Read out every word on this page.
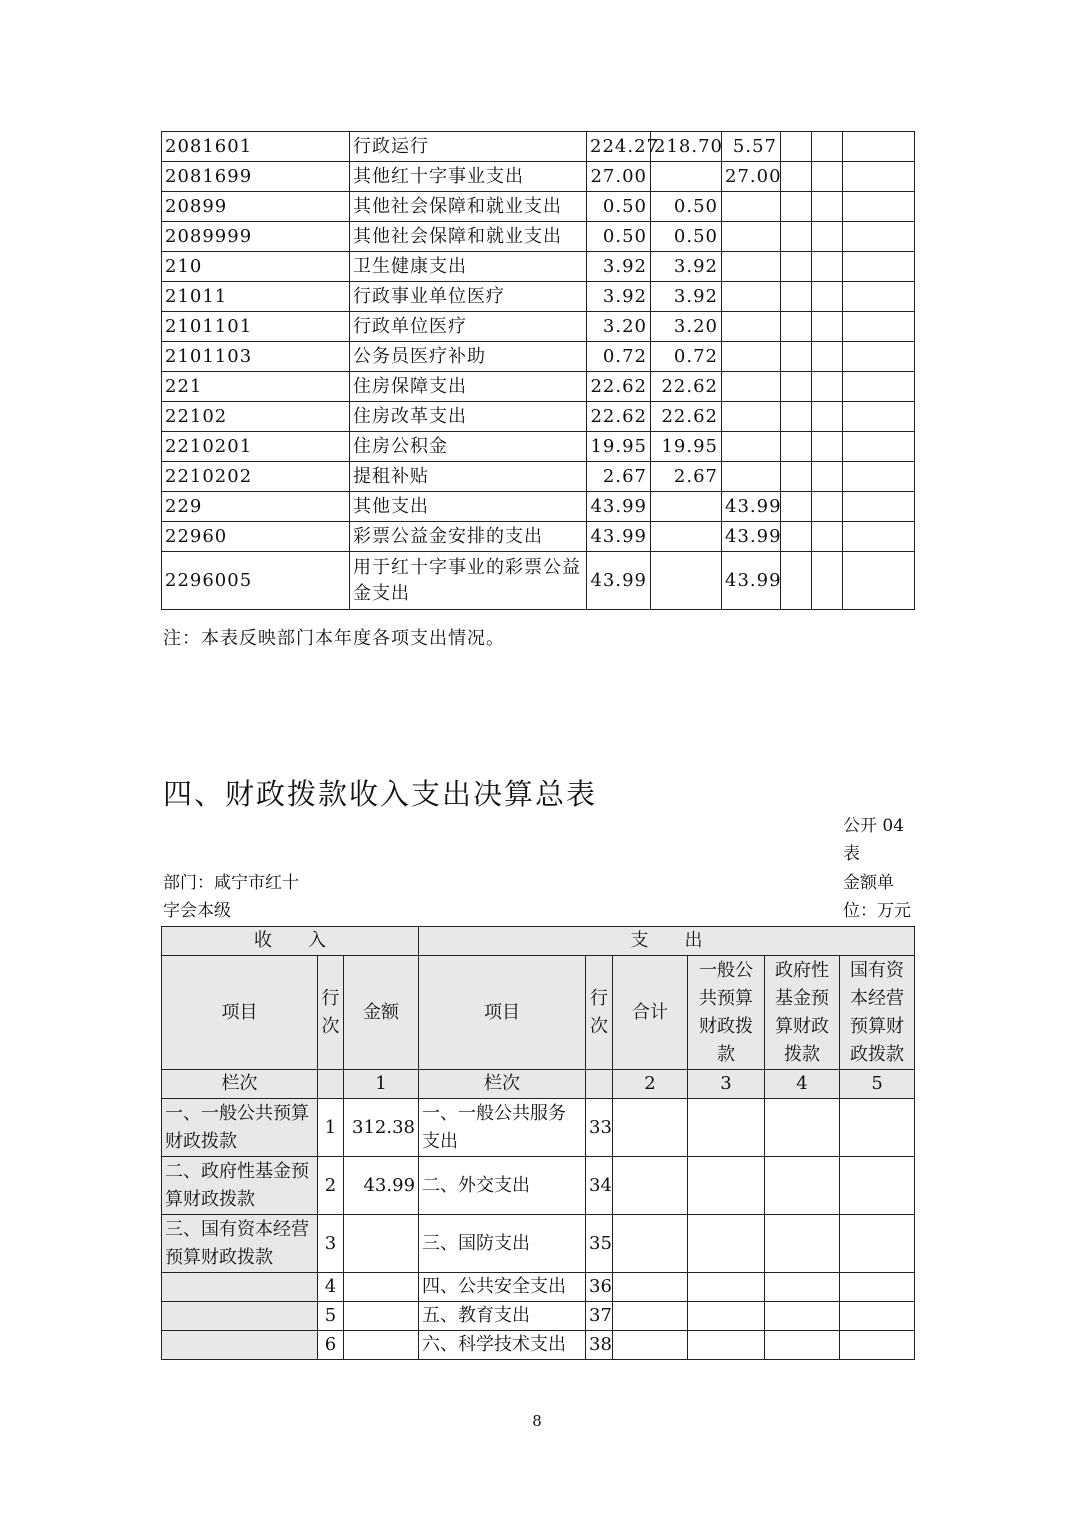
2081601	行政运行	224.27	218.70	5.57			
2081699	其他红十字事业支出	27.00		27.00			
20899	其他社会保障和就业支出	0.50	0.50				
2089999	其他社会保障和就业支出	0.50	0.50				
210	卫生健康支出	3.92	3.92				
21011	行政事业单位医疗	3.92	3.92				
2101101	行政单位医疗	3.20	3.20				
2101103	公务员医疗补助	0.72	0.72				
221	住房保障支出	22.62	22.62				
22102	住房改革支出	22.62	22.62				
2210201	住房公积金	19.95	19.95				
2210202	提租补贴	2.67	2.67				
229	其他支出	43.99		43.99			
22960	彩票公益金安排的支出	43.99		43.99			
2296005	用于红十字事业的彩票公益金支出	43.99		43.99			
注：本表反映部门本年度各项支出情况。
四、财政拨款收入支出决算总表
公开 04
表
部门：咸宁市红十
字会本级
金额单
位：万元
收　　入			支　　出					
项目	行次	金额	项目	行次	合计	一般公共预算财政拨款	政府性基金预算财政拨款	国有资本经营预算财政拨款
栏次		1	栏次		2	3	4	5
一、一般公共预算财政拨款	1	312.38	一、一般公共服务支出	33				
二、政府性基金预算财政拨款	2	43.99	二、外交支出	34				
三、国有资本经营预算财政拨款	3		三、国防支出	35				
	4		四、公共安全支出	36				
	5		五、教育支出	37				
	6		六、科学技术支出	38				
8
